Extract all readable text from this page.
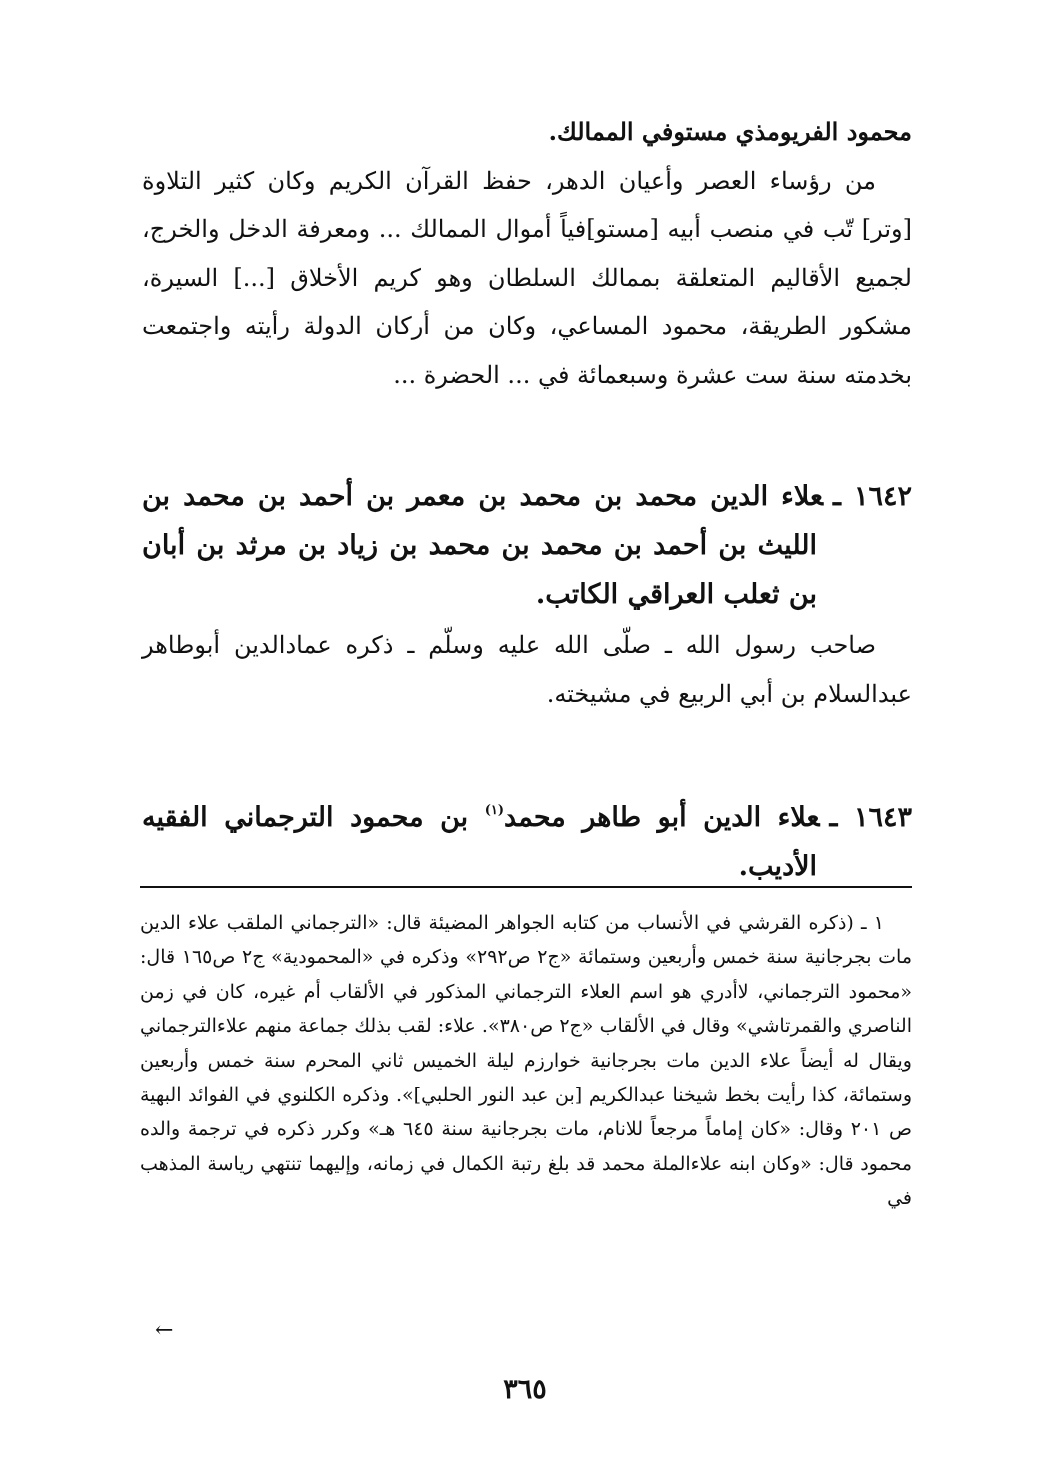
محمود الفريومذي مستوفي الممالك.
من رؤساء العصر وأعيان الدهر، حفظ القرآن الكريم وكان كثير التلاوة [وتر] تّب في منصب أبيه [مستو]فياً أموال الممالك ... ومعرفة الدخل والخرج، لجميع الأقاليم المتعلقة بممالك السلطان وهو كريم الأخلاق [...] السيرة، مشكور الطريقة، محمود المساعي، وكان من أركان الدولة رأيته واجتمعت بخدمته سنة ست عشرة وسبعمائة في ... الحضرة ...
١٦٤٢ ـعلاء الدين محمد بن محمد بن معمر بن أحمد بن محمد بن الليث بن أحمد بن محمد بن محمد بن زياد بن مرثد بن أبان بن ثعلب العراقي الكاتب.
صاحب رسول الله ـ صلّى الله عليه وسلّم ـ ذكره عمادالدين أبوطاهر عبدالسلام بن أبي الربيع في مشيخته.
١٦٤٣ ـعلاء الدين أبو طاهر محمد$^{(١)}$ بن محمود الترجماني الفقيه الأديب.
١ ـ (ذكره القرشي في الأنساب من كتابه الجواهر المضيئة قال: «الترجماني الملقب علاء الدين مات بجرجانية سنة خمس وأربعين وستمائة «ج٢ ص٢٩٢» وذكره في «المحمودية» ج٢ ص١٦٥ قال: «محمود الترجماني، لاأدري هو اسم العلاء الترجماني المذكور في الألقاب أم غيره، كان في زمن الناصري والقمرتاشي» وقال في الألقاب «ج٢ ص٣٨٠». علاء: لقب بذلك جماعة منهم علاءالترجماني ويقال له أيضاً علاء الدين مات بجرجانية خوارزم ليلة الخميس ثاني المحرم سنة خمس وأربعين وستمائة، كذا رأيت بخط شيخنا عبدالكريم [بن عبد النور الحلبي]». وذكره الكلنوي في الفوائد البهية ص ٢٠١ وقال: «كان إماماً مرجعاً للانام، مات بجرجانية سنة ٦٤٥ هـ» وكرر ذكره في ترجمة والده محمود قال: «وكان ابنه علاءالملة محمد قد بلغ رتبة الكمال في زمانه، وإليهما تنتهي رياسة المذهب في
←
٣٦٥
